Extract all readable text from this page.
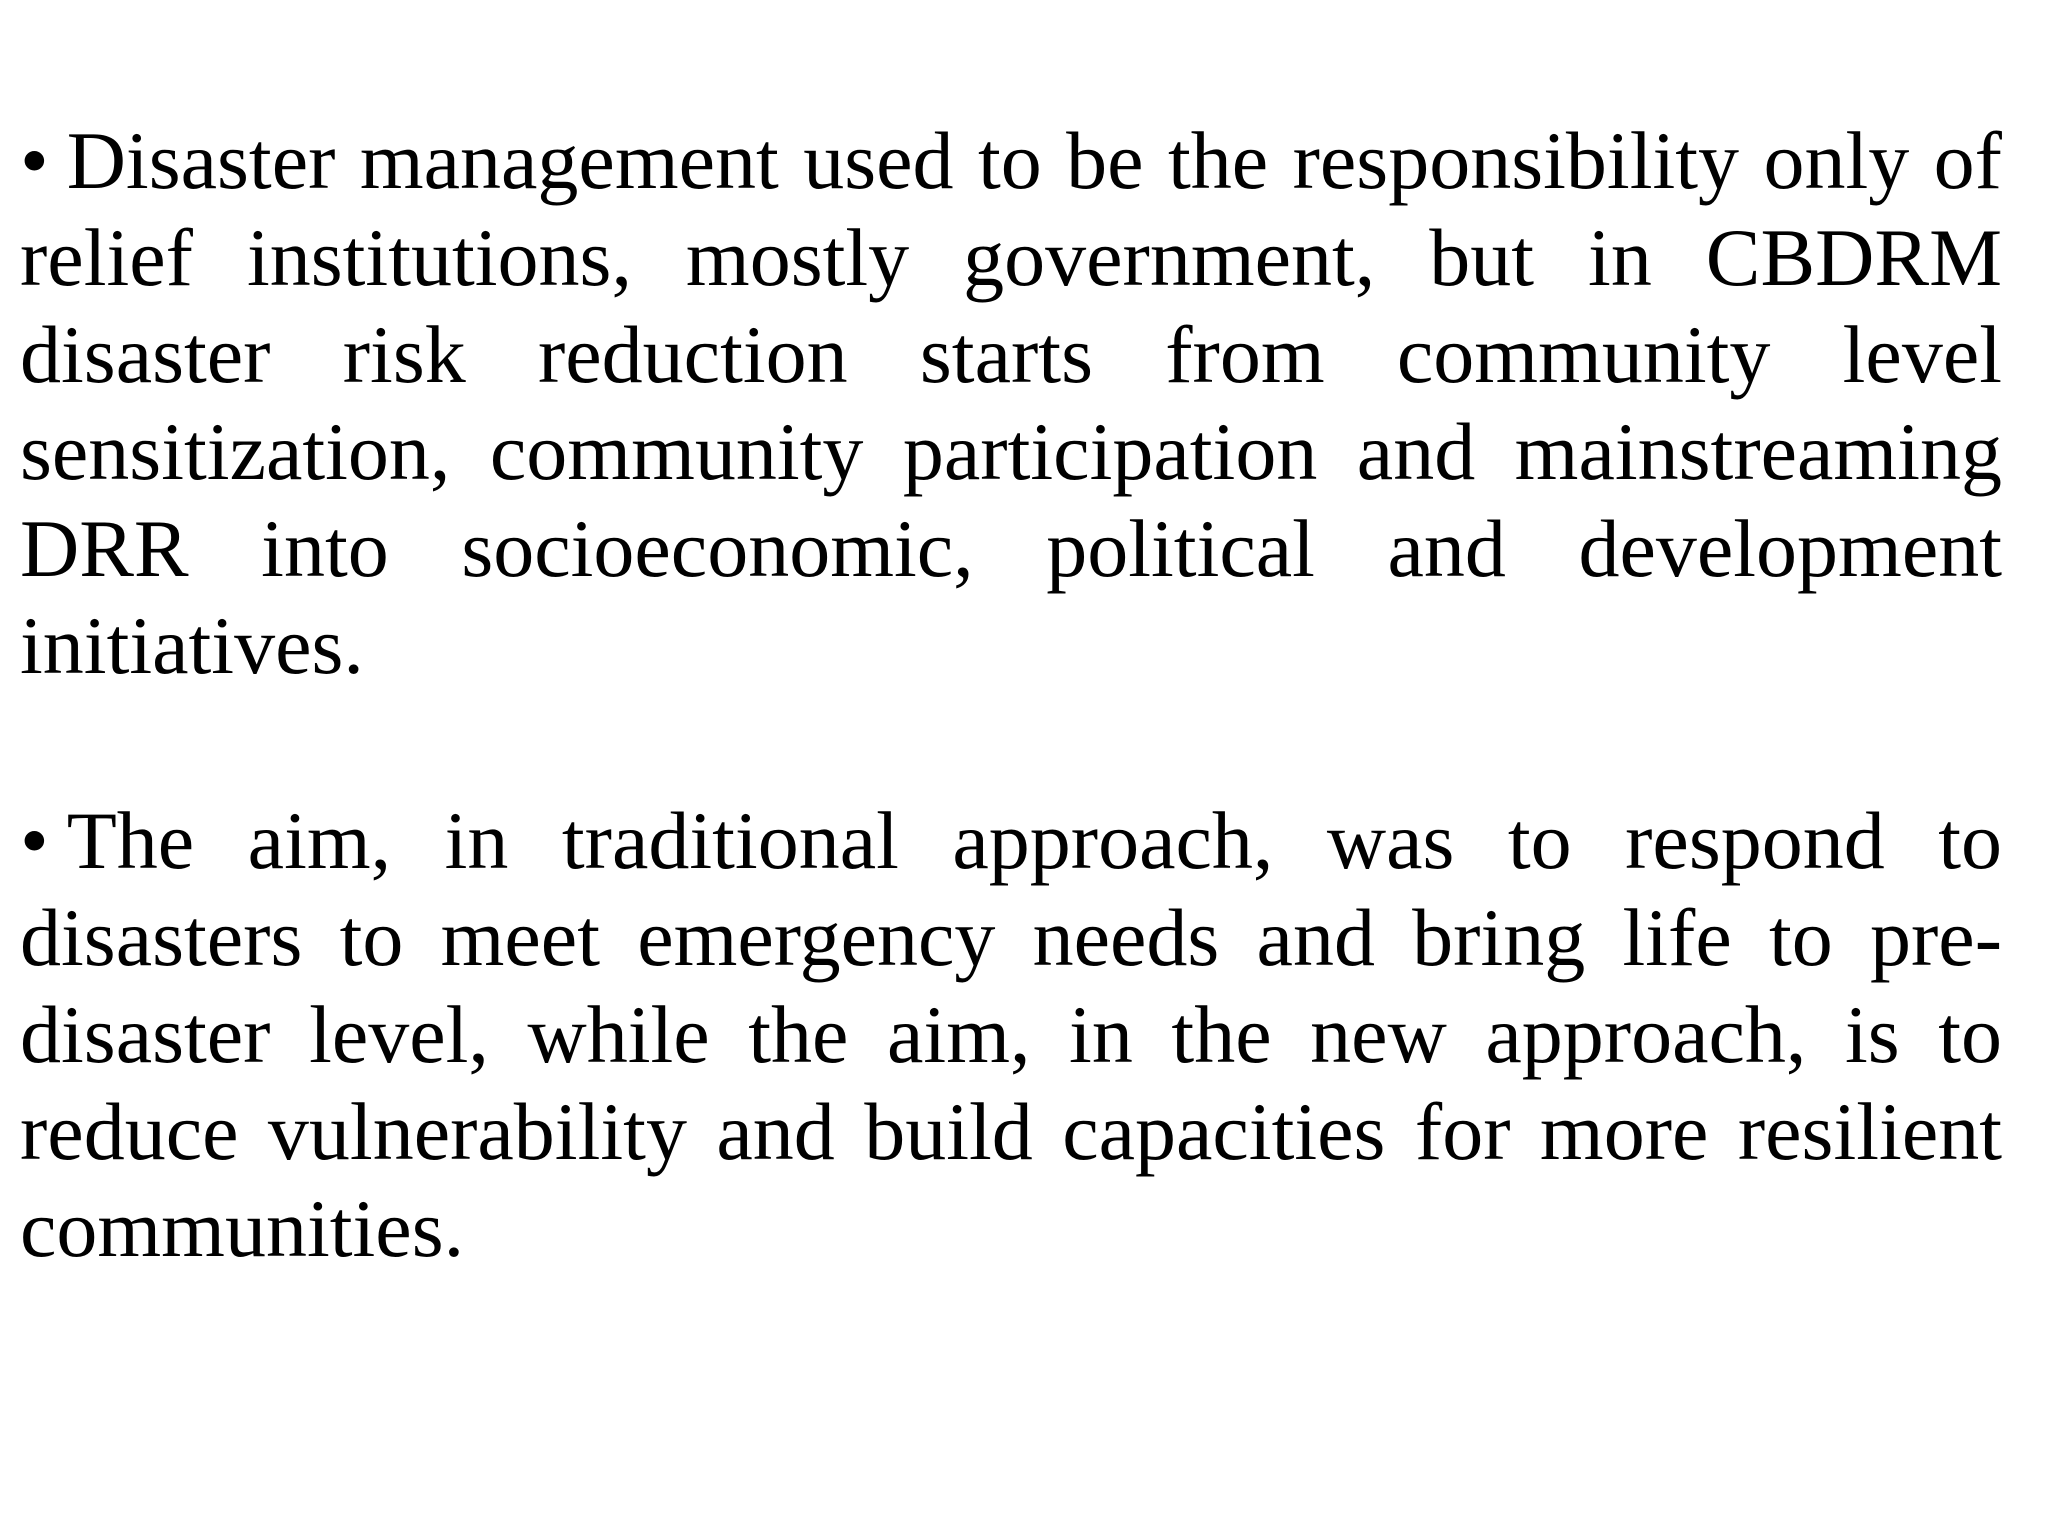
• Disaster management used to be the responsibility only of relief institutions, mostly government, but in CBDRM disaster risk reduction starts from community level sensitization, community participation and mainstreaming DRR into socioeconomic, political and development initiatives.

• The aim, in traditional approach, was to respond to disasters to meet emergency needs and bring life to pre-disaster level, while the aim, in the new approach, is to reduce vulnerability and build capacities for more resilient communities.
